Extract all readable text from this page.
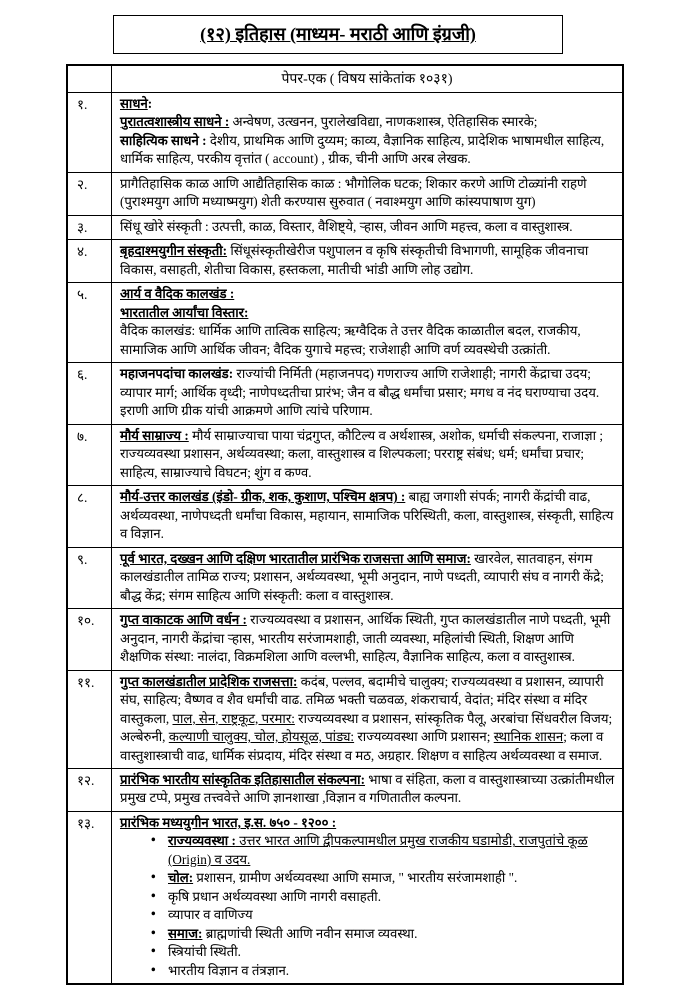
(१२) इतिहास (माध्यम- मराठी आणि इंग्रजी)
पेपर-एक ( विषय सांकेतांक १०३१)
१.	साधने:

पुरातत्वशास्त्रीय साधने : अन्वेषण, उत्खनन, पुरालेखविद्या, नाणकशास्त्र, ऐतिहासिक स्मारके;

साहित्यिक साधने : देशीय, प्राथमिक आणि दुय्यम; काव्य, वैज्ञानिक साहित्य, प्रादेशिक भाषामधील साहित्य, धार्मिक साहित्य, परकीय वृत्तांत ( account) , ग्रीक, चीनी आणि अरब लेखक.

२.	प्रागैतिहासिक काळ आणि आद्यैतिहासिक काळ : भौगोलिक घटक; शिकार करणे आणि टोळ्यांनी राहणे (पुराश्मयुग आणि मध्याष्मयुग) शेती करण्यास सुरुवात ( नवाश्मयुग आणि कांस्यपाषाण युग)

३.	सिंधू खोरे संस्कृती : उत्पत्ती, काळ, विस्तार, वैशिष्ट्ये, ऱ्हास, जीवन आणि महत्त्व, कला व वास्तुशास्त्र.

४.	बृहदाश्मयुगीन संस्कृती: सिंधूसंस्कृतीखेरीज पशुपालन व कृषि संस्कृतीची विभागणी, सामूहिक जीवनाचा विकास, वसाहती, शेतीचा विकास, हस्तकला, मातीची भांडी आणि लोह उद्योग.

५.	आर्य व वैदिक कालखंड :

भारतातील आर्यांचा विस्तार:

वैदिक कालखंड: धार्मिक आणि तात्विक साहित्य; ऋग्वैदिक ते उत्तर वैदिक काळातील बदल, राजकीय, सामाजिक आणि आर्थिक जीवन; वैदिक युगाचे महत्त्व; राजेशाही आणि वर्ण व्यवस्थेची उत्क्रांती.

६.	महाजनपदांचा कालखंड: राज्यांची निर्मिती (महाजनपद) गणराज्य आणि राजेशाही; नागरी केंद्राचा उदय; व्यापार मार्ग; आर्थिक वृध्दी; नाणेपध्दतीचा प्रारंभ; जैन व बौद्ध धर्मांचा प्रसार; मगध व नंद घराण्याचा उदय. इराणी आणि ग्रीक यांची आक्रमणे आणि त्यांचे परिणाम.

७.	मौर्य साम्राज्य : मौर्य साम्राज्याचा पाया चंद्रगुप्त, कौटिल्य व अर्थशास्त्र, अशोक, धर्माची संकल्पना, राजाज्ञा ; राज्यव्यवस्था प्रशासन, अर्थव्यवस्था; कला, वास्तुशास्त्र व शिल्पकला; परराष्ट्र संबंध; धर्म; धर्मांचा प्रचार; साहित्य, साम्राज्याचे विघटन; शुंग व कण्व.

८.	मौर्य-उत्तर कालखंड (इंडो- ग्रीक, शक, कुशाण, पश्चिम क्षत्रप) : बाह्य जगाशी संपर्क; नागरी केंद्रांची वाढ, अर्थव्यवस्था, नाणेपध्दती धर्मांचा विकास, महायान, सामाजिक परिस्थिती, कला, वास्तुशास्त्र, संस्कृती, साहित्य व विज्ञान.

९.	पूर्व भारत, दख्खन आणि दक्षिण भारतातील प्रारंभिक राजसत्ता आणि समाज: खारवेल, सातवाहन, संगम कालखंडातील तामिळ राज्य; प्रशासन, अर्थव्यवस्था, भूमी अनुदान, नाणे पध्दती, व्यापारी संघ व नागरी केंद्रे; बौद्ध केंद्र; संगम साहित्य आणि संस्कृती: कला व वास्तुशास्त्र.

१०.	गुप्त वाकाटक आणि वर्धन : राज्यव्यवस्था व प्रशासन, आर्थिक स्थिती, गुप्त कालखंडातील नाणे पध्दती, भूमी अनुदान, नागरी केंद्रांचा ऱ्हास, भारतीय सरंजामशाही, जाती व्यवस्था, महिलांची स्थिती, शिक्षण आणि शैक्षणिक संस्था: नालंदा, विक्रमशिला आणि वल्लभी, साहित्य, वैज्ञानिक साहित्य, कला व वास्तुशास्त्र.

११.	गुप्त कालखंडातील प्रादेशिक राजसत्ता: कदंब, पल्लव, बदामीचे चालुक्य; राज्यव्यवस्था व प्रशासन, व्यापारी संघ, साहित्य; वैष्णव व शैव धर्मांची वाढ. तमिळ भक्ती चळवळ, शंकराचार्य, वेदांत; मंदिर संस्था व मंदिर वास्तुकला, पाल, सेन, राष्ट्रकूट, परमार: राज्यव्यवस्था व प्रशासन, सांस्कृतिक पैलू, अरबांचा सिंधवरील विजय; अल्बेरुनी, कल्याणी चालुक्य, चोल, होयसूळ, पांड्य: राज्यव्यवस्था आणि प्रशासन; स्थानिक शासन; कला व वास्तुशास्त्राची वाढ, धार्मिक संप्रदाय, मंदिर संस्था व मठ, अग्रहार. शिक्षण व साहित्य अर्थव्यवस्था व समाज.

१२.	प्रारंभिक भारतीय सांस्कृतिक इतिहासातील संकल्पना: भाषा व संहिता, कला व वास्तुशास्त्राच्या उत्क्रांतीमधील प्रमुख टप्पे, प्रमुख तत्त्ववेत्ते आणि ज्ञानशाखा ,विज्ञान व गणितातील कल्पना.

१३.	प्रारंभिक मध्ययुगीन भारत, इ.स. ७५० - १२०० :

• राज्यव्यवस्था : उत्तर भारत आणि द्वीपकल्पामधील प्रमुख राजकीय घडामोडी, राजपुतांचे कूळ (Origin) व उदय.
• चोल: प्रशासन, ग्रामीण अर्थव्यवस्था आणि समाज, " भारतीय सरंजामशाही ".
• कृषि प्रधान अर्थव्यवस्था आणि नागरी वसाहती.
• व्यापार व वाणिज्य
• समाज: ब्राह्मणांची स्थिती आणि नवीन समाज व्यवस्था.
• स्त्रियांची स्थिती.
• भारतीय विज्ञान व तंत्रज्ञान.
